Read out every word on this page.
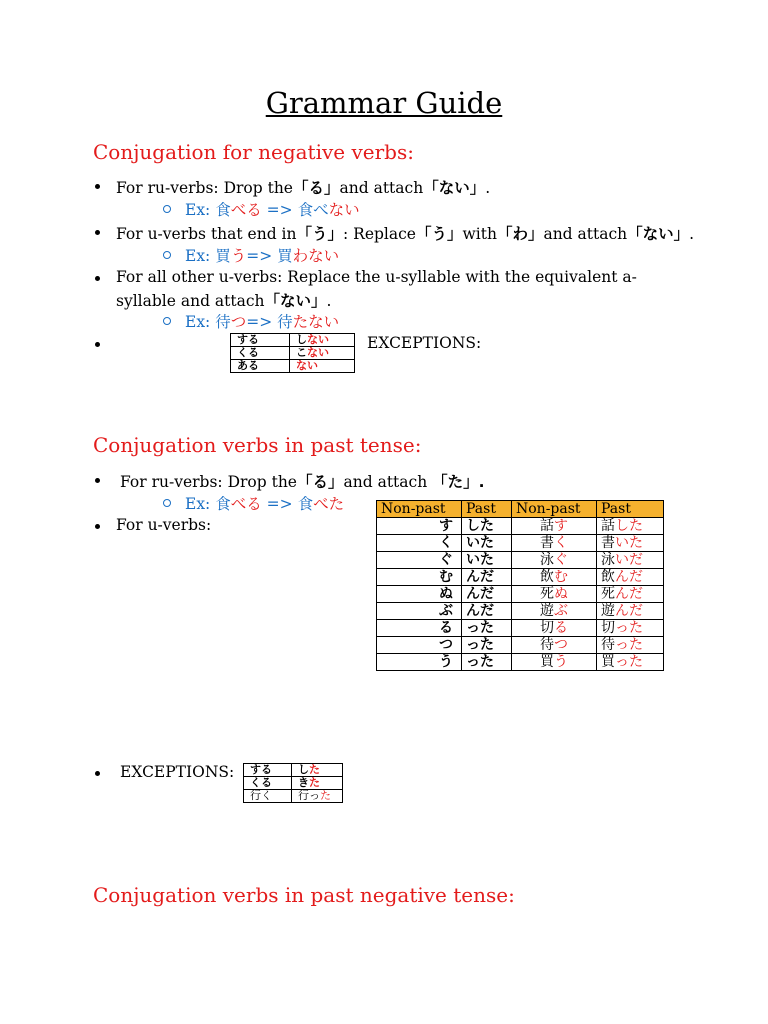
Grammar Guide
Conjugation for negative verbs:
For ru-verbs: Drop the「る」and attach「ない」.
Ex: 食べる => 食べない
For u-verbs that end in「う」: Replace「う」with「わ」and attach「ない」.
Ex: 買う=> 買わない
For all other u-verbs: Replace the u-syllable with the equivalent a-
syllable and attach「ない」.
Ex: 待つ=> 待たない
する	しない
くる	こない
ある	ない
EXCEPTIONS:
Conjugation verbs in past tense:
For ru-verbs: Drop the「る」and attach 「た」.
Ex: 食べる => 食べた
For u-verbs:
Non-past	Past	Non-past	Past
す	した	話す	話した
く	いた	書く	書いた
ぐ	いた	泳ぐ	泳いだ
む	んだ	飲む	飲んだ
ぬ	んだ	死ぬ	死んだ
ぶ	んだ	遊ぶ	遊んだ
る	った	切る	切った
つ	った	待つ	待った
う	った	買う	買った
EXCEPTIONS: する	した
くる	きた
行く	行った
Conjugation verbs in past negative tense:
